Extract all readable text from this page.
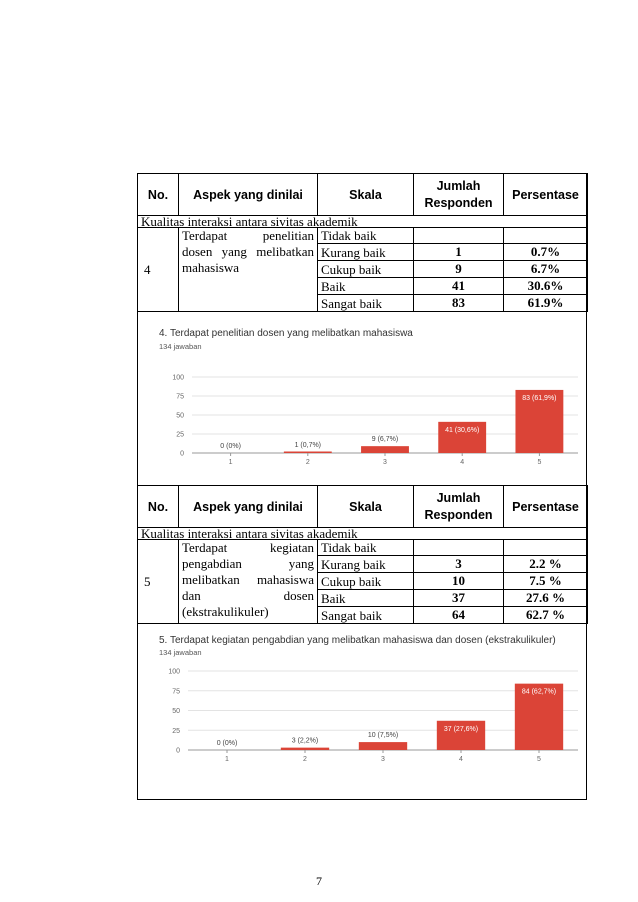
No.	Aspek yang dinilai	Skala	Jumlah Responden	Persentase
Kualitas interaksi antara sivitas akademik				
4	Terdapat penelitian dosen yang melibatkan mahasiswa	Tidak baik		
		Kurang baik	1	0.7%
		Cukup baik	9	6.7%
		Baik	41	30.6%
		Sangat baik	83	61.9%
4. Terdapat penelitian dosen yang melibatkan mahasiswa
134 jawaban
0
25
50
75
100
1
0 (0%)
2
1 (0,7%)
3
9 (6,7%)
4
41 (30,6%)
5
83 (61,9%)
No.	Aspek yang dinilai	Skala	Jumlah Responden	Persentase
Kualitas interaksi antara sivitas akademik				
5	Terdapat kegiatan pengabdian yang melibatkan mahasiswa dan dosen (ekstrakulikuler)	Tidak baik		
		Kurang baik	3	2.2 %
		Cukup baik	10	7.5 %
		Baik	37	27.6 %
		Sangat baik	64	62.7 %
5. Terdapat kegiatan pengabdian yang melibatkan mahasiswa dan dosen (ekstrakulikuler)
134 jawaban
0
25
50
75
100
1
0 (0%)
2
3 (2,2%)
3
10 (7,5%)
4
37 (27,6%)
5
84 (62,7%)
7
